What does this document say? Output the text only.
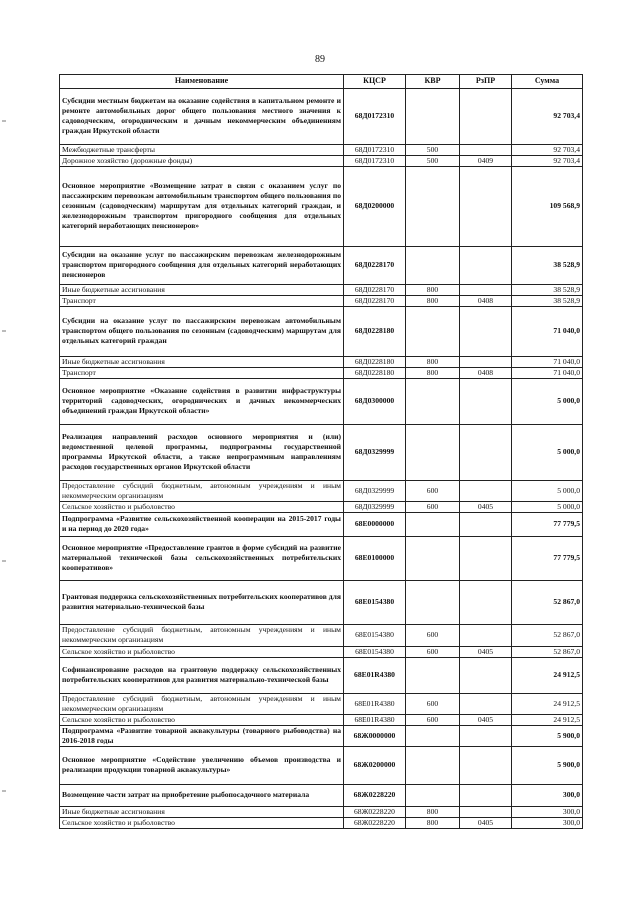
89
Наименование	КЦСР	КВР	РзПР	Сумма
Субсидии местным бюджетам на оказание содействия в капитальном ремонте и ремонте автомобильных дорог общего пользования местного значения к садоводческим, огородническим и дачным некоммерческим объединениям граждан Иркутской области	68Д0172310			92 703,4
Межбюджетные трансферты	68Д0172310	500		92 703,4
Дорожное хозяйство (дорожные фонды)	68Д0172310	500	0409	92 703,4
Основное мероприятие «Возмещение затрат в связи с оказанием услуг по пассажирским перевозкам автомобильным транспортом общего пользования по сезонным (садоводческим) маршрутам для отдельных категорий граждан, и железнодорожным транспортом пригородного сообщения для отдельных категорий неработающих пенсионеров»	68Д0200000			109 568,9
Субсидии на оказание услуг по пассажирским перевозкам железнодорожным транспортом пригородного сообщения для отдельных категорий неработающих пенсионеров	68Д0228170			38 528,9
Иные бюджетные ассигнования	68Д0228170	800		38 528,9
Транспорт	68Д0228170	800	0408	38 528,9
Субсидии на оказание услуг по пассажирским перевозкам автомобильным транспортом общего пользования по сезонным (садоводческим) маршрутам для отдельных категорий граждан	68Д0228180			71 040,0
Иные бюджетные ассигнования	68Д0228180	800		71 040,0
Транспорт	68Д0228180	800	0408	71 040,0
Основное мероприятие «Оказание содействия в развитии инфраструктуры территорий садоводческих, огороднических и дачных некоммерческих объединений граждан Иркутской области»	68Д0300000			5 000,0
Реализация направлений расходов основного мероприятия и (или) ведомственной целевой программы, подпрограммы государственной программы Иркутской области, а также непрограммным направлениям расходов государственных органов Иркутской области	68Д0329999			5 000,0
Предоставление субсидий бюджетным, автономным учреждениям и иным некоммерческим организациям	68Д0329999	600		5 000,0
Сельское хозяйство и рыболовство	68Д0329999	600	0405	5 000,0
Подпрограмма «Развитие сельскохозяйственной кооперации на 2015-2017 годы и на период до 2020 года»	68Е0000000			77 779,5
Основное мероприятие «Предоставление грантов в форме субсидий на развитие материальной технической базы сельскохозяйственных потребительских кооперативов»	68Е0100000			77 779,5
Грантовая поддержка сельскохозяйственных потребительских кооперативов для развития материально-технической базы	68Е0154380			52 867,0
Предоставление субсидий бюджетным, автономным учреждениям и иным некоммерческим организациям	68Е0154380	600		52 867,0
Сельское хозяйство и рыболовство	68Е0154380	600	0405	52 867,0
Софинансирование расходов на грантовую поддержку сельскохозяйственных потребительских кооперативов для развития материально-технической базы	68Е01R4380			24 912,5
Предоставление субсидий бюджетным, автономным учреждениям и иным некоммерческим организациям	68Е01R4380	600		24 912,5
Сельское хозяйство и рыболовство	68Е01R4380	600	0405	24 912,5
Подпрограмма «Развитие товарной аквакультуры (товарного рыбоводства) на 2016-2018 годы	68Ж0000000			5 900,0
Основное мероприятие «Содействие увеличению объемов производства и реализации продукции товарной аквакультуры»	68Ж0200000			5 900,0
Возмещение части затрат на приобретение рыбопосадочного материала	68Ж0228220			300,0
Иные бюджетные ассигнования	68Ж0228220	800		300,0
Сельское хозяйство и рыболовство	68Ж0228220	800	0405	300,0
